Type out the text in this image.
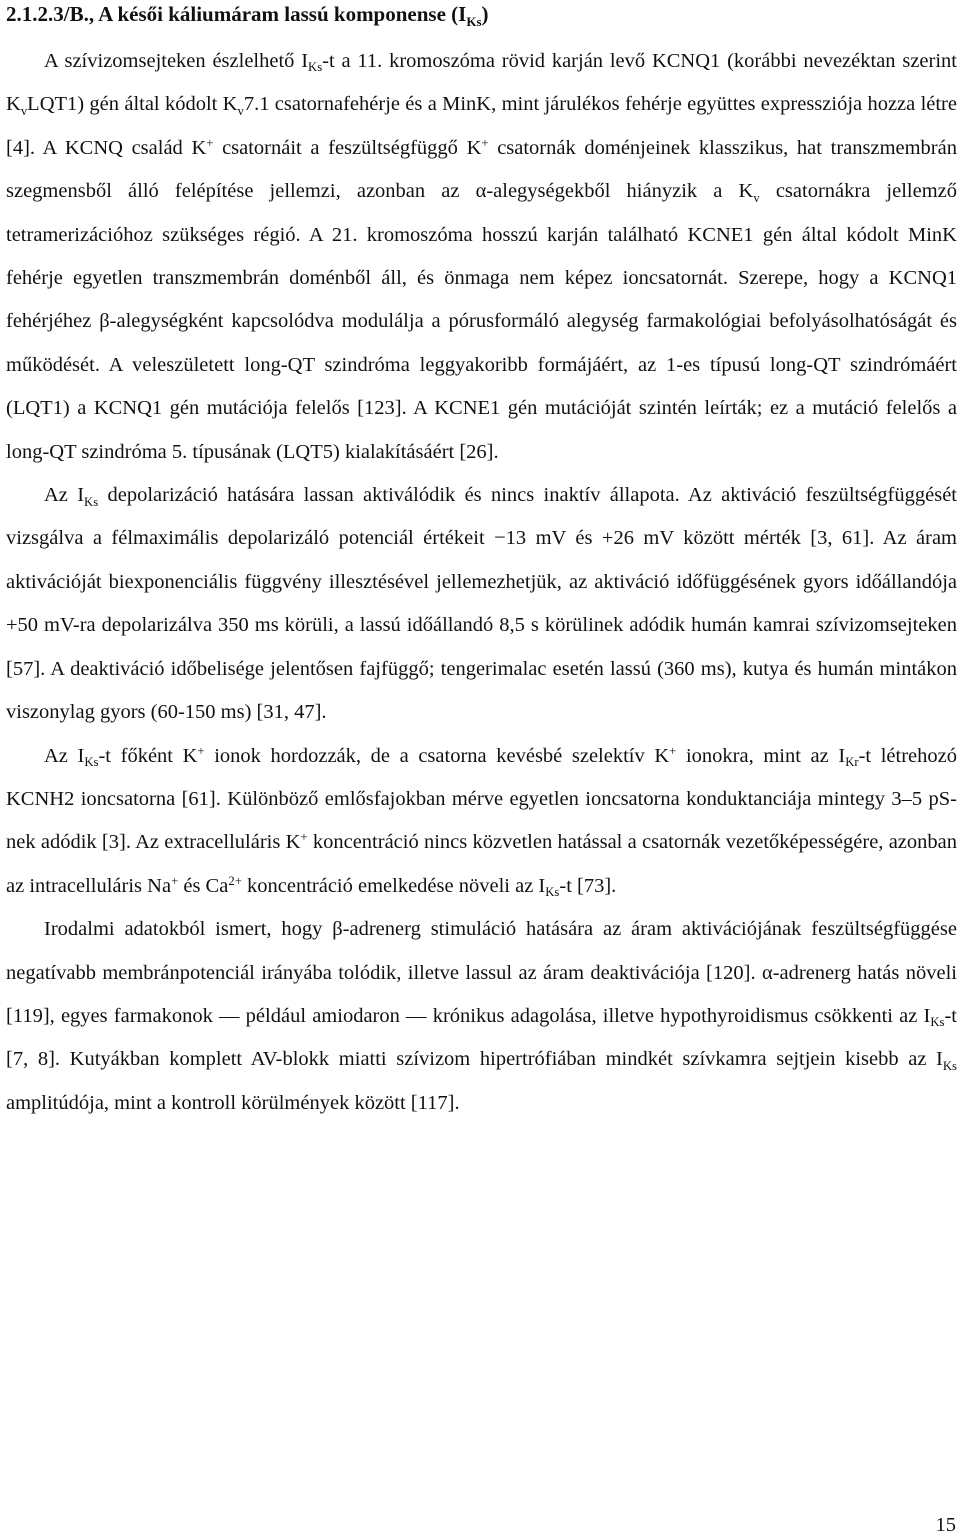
2.1.2.3/B., A késői káliumáram lassú komponense $(I_{Ks})$

A szívizomsejteken észlelhető $I_{Ks}-t$ a 11. kromoszóma rövid karján levő KCNQ1 (korábbi nevezéktan szerint $K_vLQT1$) gén által kódolt $K_v7.1$ csatornafehérje és a MinK, mint járulékos fehérje együttes expressziója hozza létre [4]. A KCNQ család K+ csatornáit a feszültségfüggő K+ csatornák doménjeinek klasszikus, hat transzmembrán szegmensből álló felépítése jellemzi, azonban az α-alegységekből hiányzik a $K_v$ csatornákra jellemző tetramerizációhoz szükséges régió. A 21. kromoszóma hosszú karján található KCNE1 gén által kódolt MinK fehérje egyetlen transzmembrán doménből áll, és önmaga nem képez ioncsatornát. Szerepe, hogy a KCNQ1 fehérjéhez β-alegységként kapcsolódva modulálja a pórusformáló alegység farmakológiai befolyásolhatóságát és működését. A veleszületett long-QT szindróma leggyakoribb formájáért, az 1-es típusú long-QT szindrómáért (LQT1) a KCNQ1 gén mutációja felelős [123]. A KCNE1 gén mutációját szintén leírták; ez a mutáció felelős a long-QT szindróma 5. típusának (LQT5) kialakításáért [26].

Az $I_{Ks}$ depolarizáció hatására lassan aktiválódik és nincs inaktív állapota. Az aktiváció feszültségfüggését vizsgálva a félmaximális depolarizáló potenciál értékeit −13 mV és +26 mV között mérték [3, 61]. Az áram aktivációját biexponenciális függvény illesztésével jellemezhetjük, az aktiváció időfüggésének gyors időállandója +50 mV-ra depolarizálva 350 ms körüli, a lassú időállandó 8,5 s körülinek adódik humán kamrai szívizomsejteken [57]. A deaktiváció időbelisége jelentősen fajfüggő; tengerimalac esetén lassú (360 ms), kutya és humán mintákon viszonylag gyors (60-150 ms) [31, 47].

Az $I_{Ks}-t$ főként K+ ionok hordozzák, de a csatorna kevésbé szelektív K+ ionokra, mint az $I_{Kr}-t$ létrehozó KCNH2 ioncsatorna [61]. Különböző emlősfajokban mérve egyetlen ioncsatorna konduktanciája mintegy 3–5 pS-nek adódik [3]. Az extracelluláris K+ koncentráció nincs közvetlen hatással a csatornák vezetőképességére, azonban az intracelluláris Na+ és $Ca^{2+}$ koncentráció emelkedése növeli az $I_{Ks}-t$ [73].

Irodalmi adatokból ismert, hogy β-adrenerg stimuláció hatására az áram aktivációjának feszültségfüggése negatívabb membránpotenciál irányába tolódik, illetve lassul az áram deaktivációja [120]. α-adrenerg hatás növeli [119], egyes farmakonok — például amiodaron — krónikus adagolása, illetve hypothyroidismus csökkenti az $I_{Ks}-t$ [7, 8]. Kutyákban komplett AV-blokk miatti szívizom hipertrófiában mindkét szívkamra sejtjein kisebb az $I_{Ks}$ amplitúdója, mint a kontroll körülmények között [117].

15
